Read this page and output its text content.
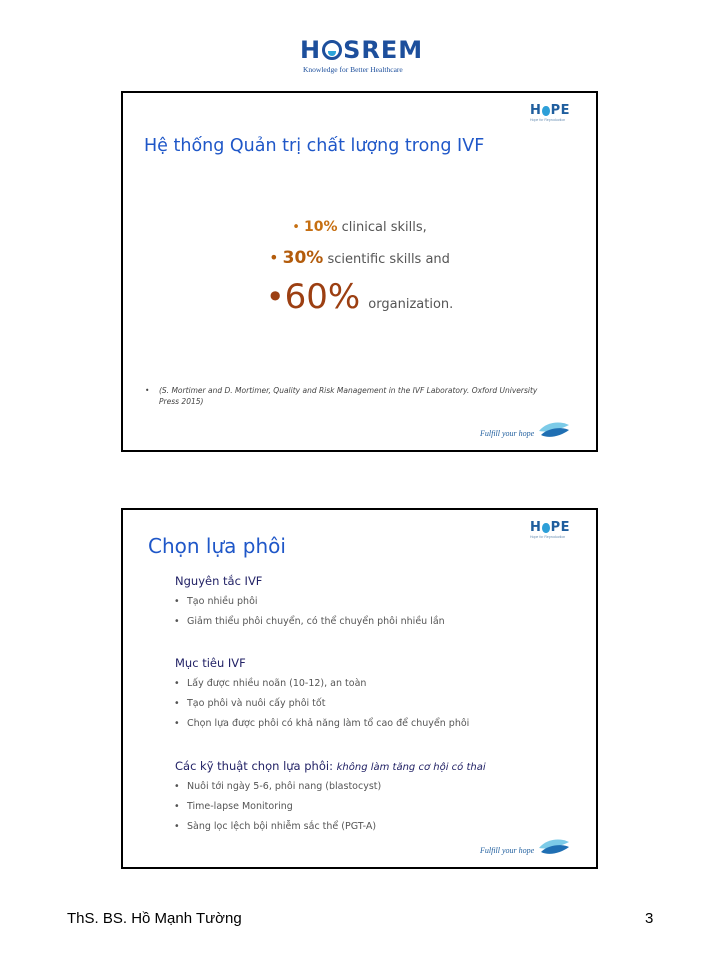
H SREM
Knowledge for Better Healthcare
H PE
Hope for Reproduction
Hệ thống Quản trị chất lượng trong IVF
• 10% clinical skills,
• 30% scientific skills and
•60% organization.
• (S. Mortimer and D. Mortimer, Quality and Risk Management in the IVF Laboratory. Oxford University Press 2015)
Fulfill your hope
H PE
Hope for Reproduction
Chọn lựa phôi
Nguyên tắc IVF
• Tạo nhiều phôi
• Giảm thiểu phôi chuyển, có thể chuyển phôi nhiều lần
Mục tiêu IVF
• Lấy được nhiều noãn (10-12), an toàn
• Tạo phôi và nuôi cấy phôi tốt
• Chọn lựa được phôi có khả năng làm tổ cao để chuyển phôi
Các kỹ thuật chọn lựa phôi: không làm tăng cơ hội có thai
• Nuôi tới ngày 5-6, phôi nang (blastocyst)
• Time-lapse Monitoring
• Sàng lọc lệch bội nhiễm sắc thể (PGT-A)
Fulfill your hope
ThS. BS. Hồ Mạnh Tường	3
